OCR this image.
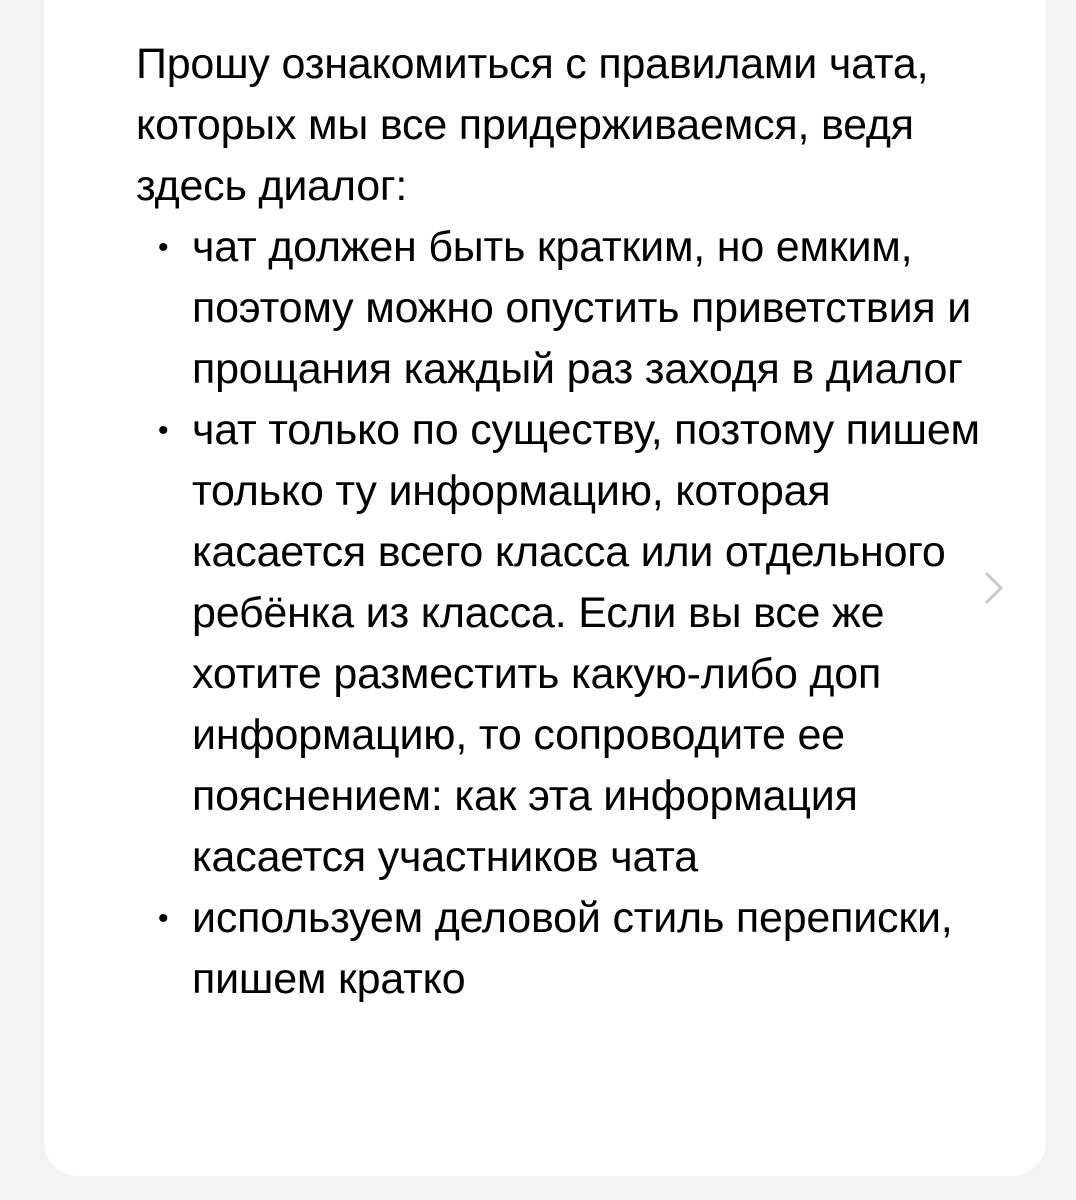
Прошу ознакомиться с правилами чата, которых мы все придерживаемся, ведя здесь диалог:

• чат должен быть кратким, но емким, поэтому можно опустить приветствия и прощания каждый раз заходя в диалог
• чат только по существу, позтому пишем только ту информацию, которая касается всего класса или отдельного ребёнка из класса. Если вы все же хотите разместить какую-либо доп информацию, то сопроводите ее пояснением: как эта информация касается участников чата
• используем деловой стиль переписки, пишем кратко
